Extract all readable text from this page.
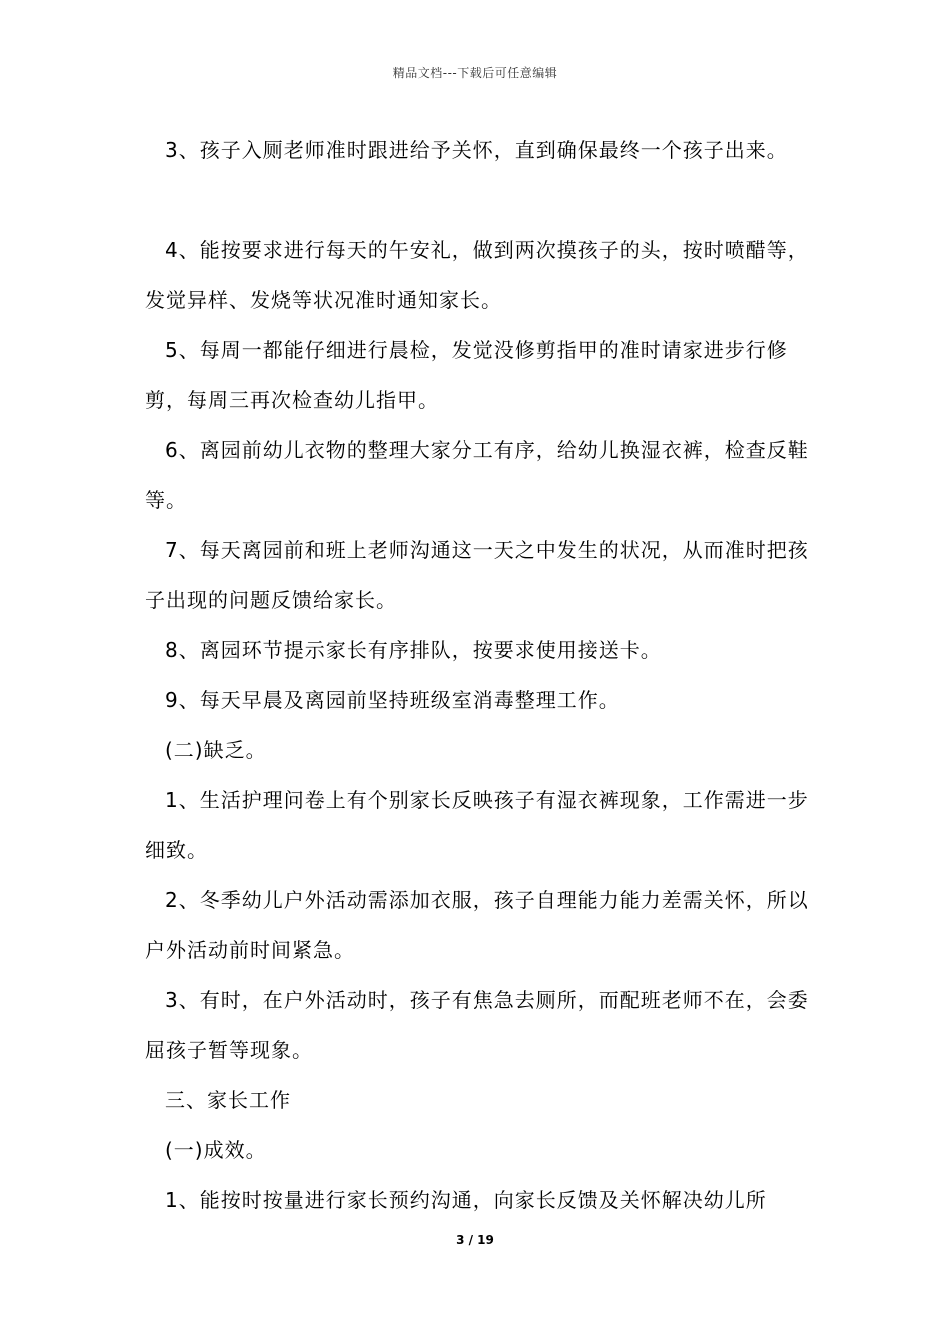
精品文档---下载后可任意编辑

3、孩子入厕老师准时跟进给予关怀，直到确保最终一个孩子出来。

4、能按要求进行每天的午安礼，做到两次摸孩子的头，按时喷醋等，发觉异样、发烧等状况准时通知家长。

5、每周一都能仔细进行晨检，发觉没修剪指甲的准时请家进步行修剪，每周三再次检查幼儿指甲。

6、离园前幼儿衣物的整理大家分工有序，给幼儿换湿衣裤，检查反鞋等。

7、每天离园前和班上老师沟通这一天之中发生的状况，从而准时把孩子出现的问题反馈给家长。

8、离园环节提示家长有序排队，按要求使用接送卡。

9、每天早晨及离园前坚持班级室消毒整理工作。

(二)缺乏。

1、生活护理问卷上有个别家长反映孩子有湿衣裤现象，工作需进一步细致。

2、冬季幼儿户外活动需添加衣服，孩子自理能力能力差需关怀，所以户外活动前时间紧急。

3、有时，在户外活动时，孩子有焦急去厕所，而配班老师不在，会委屈孩子暂等现象。

三、家长工作

(一)成效。

1、能按时按量进行家长预约沟通，向家长反馈及关怀解决幼儿所

3 / 19
